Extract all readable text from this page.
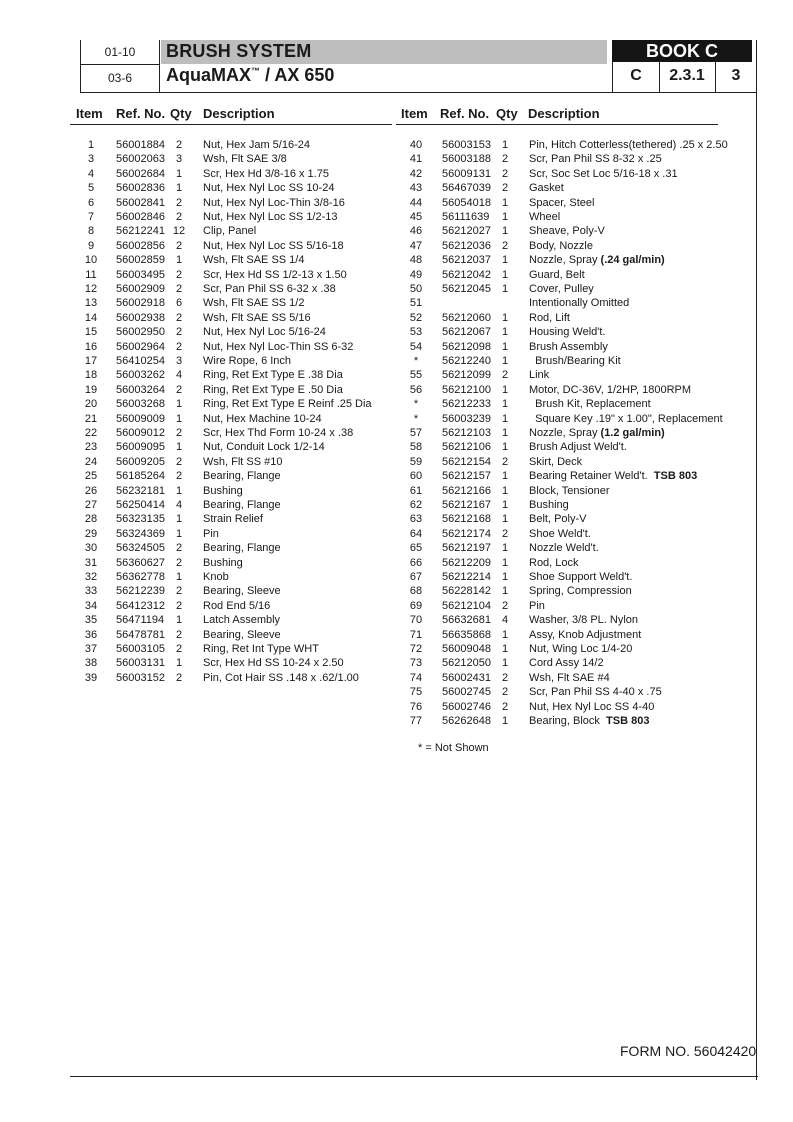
01-10
03-6
BRUSH SYSTEM
AquaMAX™ / AX 650
BOOK C
C	2.3.1	3
Item Ref. No. Qty Description	Item Ref. No. Qty Description
1	56001884 2	Nut, Hex Jam 5/16-24
3	56002063 3	Wsh, Flt SAE 3/8
4	56002684 1	Scr, Hex Hd 3/8-16 x 1.75
5	56002836 1	Nut, Hex Nyl Loc SS 10-24
6	56002841 2	Nut, Hex Nyl Loc-Thin 3/8-16
7	56002846 2	Nut, Hex Nyl Loc SS 1/2-13
8	56212241 12 Clip, Panel
9	56002856 2	Nut, Hex Nyl Loc SS 5/16-18
10	56002859 1	Wsh, Flt SAE SS 1/4
11	56003495 2	Scr, Hex Hd SS 1/2-13 x 1.50
12	56002909 2	Scr, Pan Phil SS 6-32 x .38
13	56002918 6	Wsh, Flt SAE SS 1/2
14	56002938 2	Wsh, Flt SAE SS 5/16
15	56002950 2	Nut, Hex Nyl Loc 5/16-24
16	56002964 2	Nut, Hex Nyl Loc-Thin SS 6-32
17	56410254 3	Wire Rope, 6 Inch
18	56003262 4	Ring, Ret Ext Type E .38 Dia
19	56003264 2	Ring, Ret Ext Type E .50 Dia
20	56003268 1	Ring, Ret Ext Type E Reinf .25 Dia
21	56009009 1	Nut, Hex Machine 10-24
22	56009012 2	Scr, Hex Thd Form 10-24 x .38
23	56009095 1	Nut, Conduit Lock 1/2-14
24	56009205 2	Wsh, Flt SS #10
25	56185264 2	Bearing, Flange
26	56232181 1	Bushing
27	56250414 4	Bearing, Flange
28	56323135 1	Strain Relief
29	56324369 1	Pin
30	56324505 2	Bearing, Flange
31	56360627 2	Bushing
32	56362778 1	Knob
33	56212239 2	Bearing, Sleeve
34	56412312 2	Rod End 5/16
35	56471194	1	Latch Assembly
36	56478781 2	Bearing, Sleeve
37	56003105 2	Ring, Ret Int Type WHT
38	56003131 1	Scr, Hex Hd SS 10-24 x 2.50
39	56003152 2	Pin, Cot Hair SS .148 x .62/1.00
40	56003153 1	Pin, Hitch Cotterless(tethered) .25 x 2.50
41	56003188 2	Scr, Pan Phil SS 8-32 x .25
42	56009131 2	Scr, Soc Set Loc 5/16-18 x .31
43	56467039 2	Gasket
44	56054018 1	Spacer, Steel
45	56111639	1	Wheel
46	56212027 1	Sheave, Poly-V
47	56212036 2	Body, Nozzle
48	56212037 1	Nozzle, Spray (.24 gal/min)
49	56212042 1	Guard, Belt
50	56212045 1	Cover, Pulley
51	Intentionally Omitted
52	56212060 1	Rod, Lift
53	56212067 1	Housing Weld't.
54	56212098 1	Brush Assembly
*	56212240 1	Brush/Bearing Kit
55	56212099 2	Link
56	56212100 1	Motor, DC-36V, 1/2HP, 1800RPM
*	56212233 1	Brush Kit, Replacement
*	56003239 1	Square Key .19" x 1.00", Replacement
57	56212103 1	Nozzle, Spray (1.2 gal/min)
58	56212106 1	Brush Adjust Weld't.
59	56212154 2	Skirt, Deck
60	56212157 1	Bearing Retainer Weld't.  TSB 803
61	56212166 1	Block, Tensioner
62	56212167 1	Bushing
63	56212168 1	Belt, Poly-V
64	56212174 2	Shoe Weld't.
65	56212197 1	Nozzle Weld't.
66	56212209 1	Rod, Lock
67	56212214 1	Shoe Support Weld't.
68	56228142 1	Spring, Compression
69	56212104 2	Pin
70	56632681 4	Washer, 3/8 PL. Nylon
71	56635868 1	Assy, Knob Adjustment
72	56009048 1	Nut, Wing Loc 1/4-20
73	56212050 1	Cord Assy 14/2
74	56002431 2	Wsh, Flt SAE #4
75	56002745 2	Scr, Pan Phil SS 4-40 x .75
76	56002746 2	Nut, Hex Nyl Loc SS 4-40
77	56262648 1	Bearing, Block  TSB 803
* = Not Shown
FORM NO. 56042420
